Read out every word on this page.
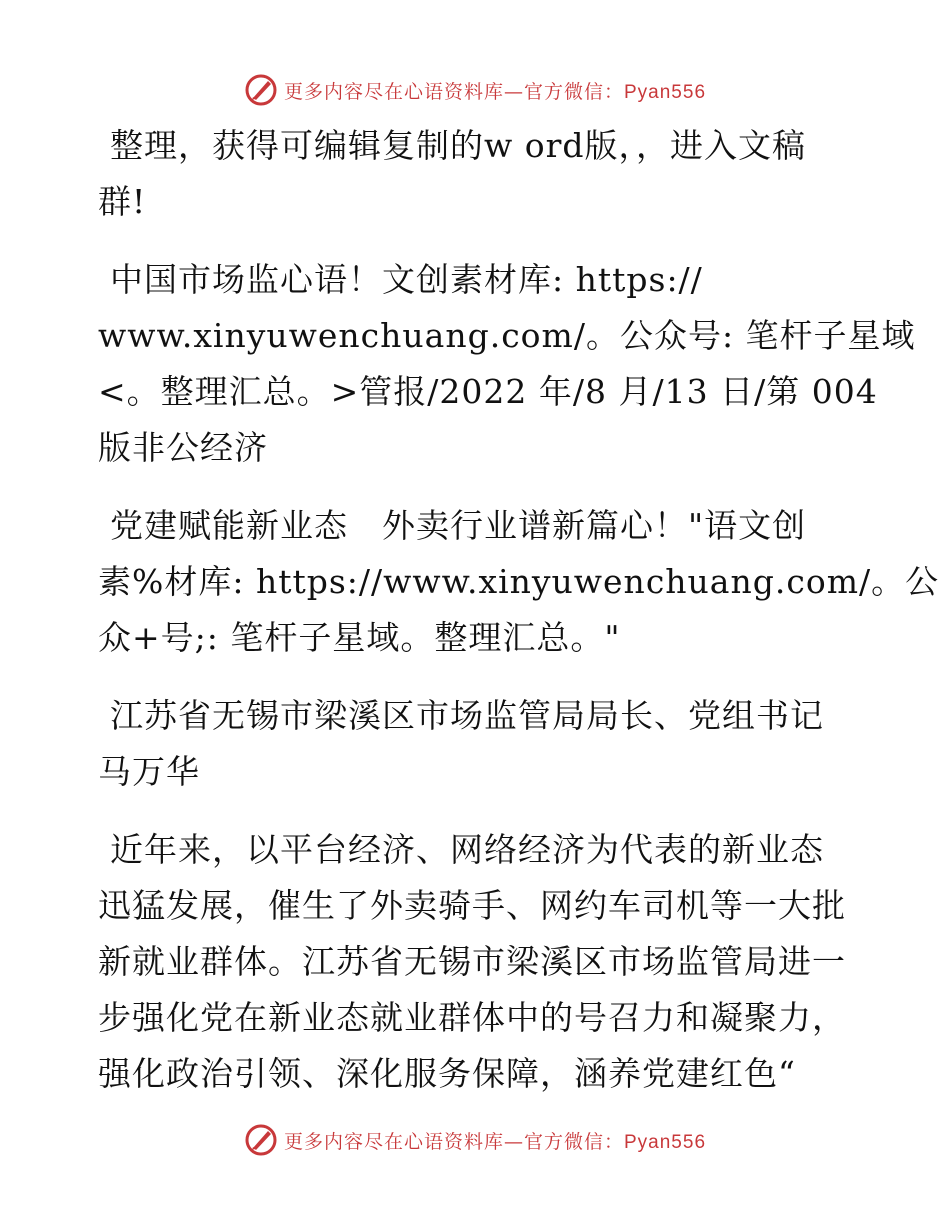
更多内容尽在心语资料库—官方微信：Pyan556

整理，获得可编辑复制的w ord版，，进入文稿
群!

中国市场监心语！文创素材库: https://
www.xinyuwenchuang.com/。公众号: 笔杆子星域
<。整理汇总。>管报/2022 年/8 月/13 日/第 004
版非公经济

党建赋能新业态　外卖行业谱新篇心！"语文创
素%材库: https://www.xinyuwenchuang.com/。公
众+号;: 笔杆子星域。整理汇总。"

江苏省无锡市梁溪区市场监管局局长、党组书记
马万华

近年来，以平台经济、网络经济为代表的新业态
迅猛发展，催生了外卖骑手、网约车司机等一大批
新就业群体。江苏省无锡市梁溪区市场监管局进一
步强化党在新业态就业群体中的号召力和凝聚力，
强化政治引领、深化服务保障，涵养党建红色“

更多内容尽在心语资料库—官方微信：Pyan556
